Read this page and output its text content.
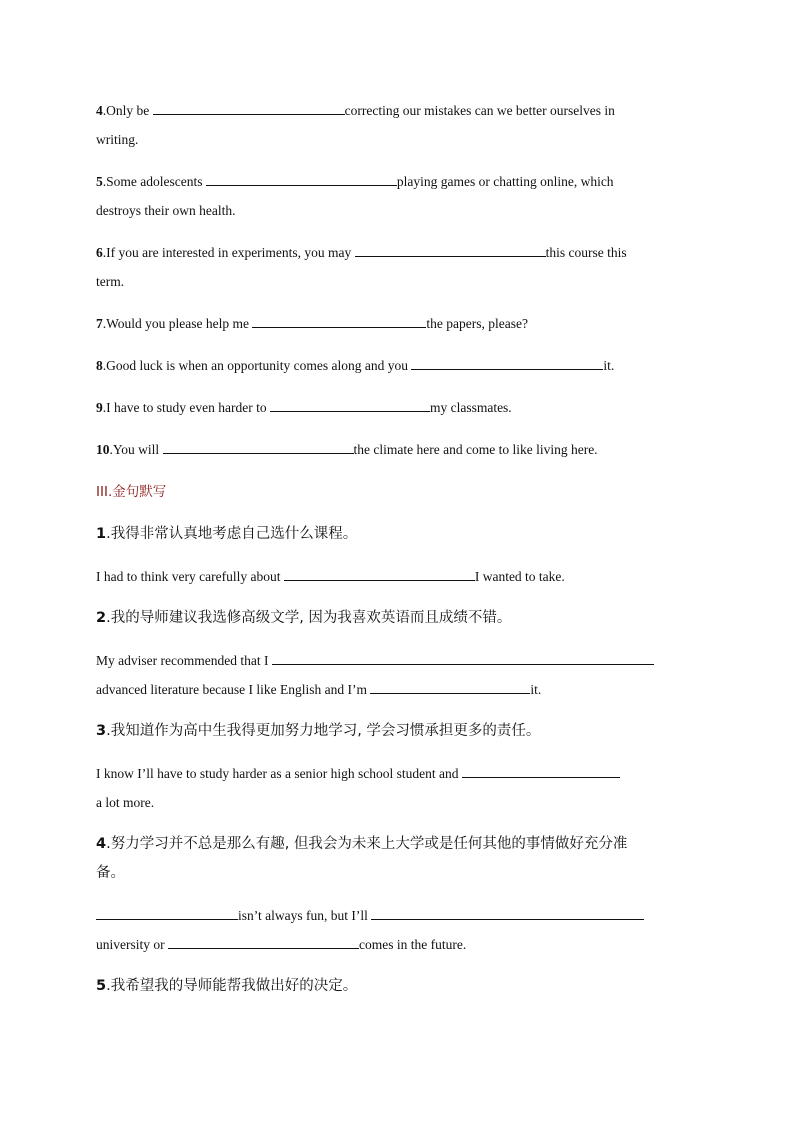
4.Only be	correcting our mistakes can we better ourselves in
writing.
5.Some adolescents	playing games or chatting online, which
destroys their own health.
6.If you are interested in experiments, you may	this course this
term.
7.Would you please help me	the papers, please?
8.Good luck is when an opportunity comes along and you	it.
9.I have to study even harder to	my classmates.
10.You will	the climate here and come to like living here.
III.金句默写
1.我得非常认真地考虑自己选什么课程。
I had to think very carefully about	I wanted to take.
2.我的导师建议我选修高级文学, 因为我喜欢英语而且成绩不错。
My adviser recommended that I
advanced literature because I like English and I’m	it.
3.我知道作为高中生我得更加努力地学习, 学会习惯承担更多的责任。
I know I’ll have to study harder as a senior high school student and
a lot more.
4.努力学习并不总是那么有趣, 但我会为未来上大学或是任何其他的事情做好充分准
备。
isn’t always fun, but I’ll
university or	comes in the future.
5.我希望我的导师能帮我做出好的决定。
